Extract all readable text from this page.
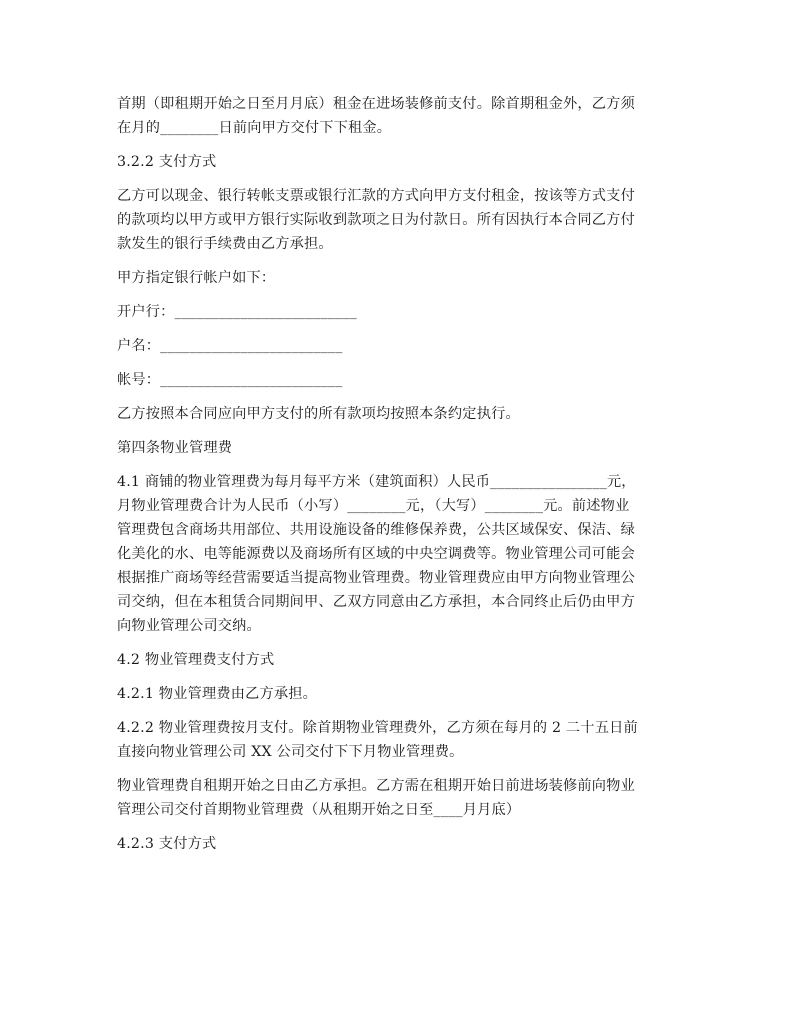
首期（即租期开始之日至月月底）租金在进场装修前支付。除首期租金外，乙方须
在月的________日前向甲方交付下下租金。

3.2.2 支付方式

乙方可以现金、银行转帐支票或银行汇款的方式向甲方支付租金，按该等方式支付
的款项均以甲方或甲方银行实际收到款项之日为付款日。所有因执行本合同乙方付
款发生的银行手续费由乙方承担。

甲方指定银行帐户如下：

开户行：_________________________

户名：_________________________

帐号：_________________________

乙方按照本合同应向甲方支付的所有款项均按照本条约定执行。

第四条物业管理费

4.1 商铺的物业管理费为每月每平方米（建筑面积）人民币________________元，
月物业管理费合计为人民币（小写）________元，（大写）________元。前述物业
管理费包含商场共用部位、共用设施设备的维修保养费，公共区域保安、保洁、绿
化美化的水、电等能源费以及商场所有区域的中央空调费等。物业管理公司可能会
根据推广商场等经营需要适当提高物业管理费。物业管理费应由甲方向物业管理公
司交纳，但在本租赁合同期间甲、乙双方同意由乙方承担，本合同终止后仍由甲方
向物业管理公司交纳。

4.2 物业管理费支付方式

4.2.1 物业管理费由乙方承担。

4.2.2 物业管理费按月支付。除首期物业管理费外，乙方须在每月的 2 二十五日前
直接向物业管理公司 XX 公司交付下下月物业管理费。

物业管理费自租期开始之日由乙方承担。乙方需在租期开始日前进场装修前向物业
管理公司交付首期物业管理费（从租期开始之日至____月月底）

4.2.3 支付方式
